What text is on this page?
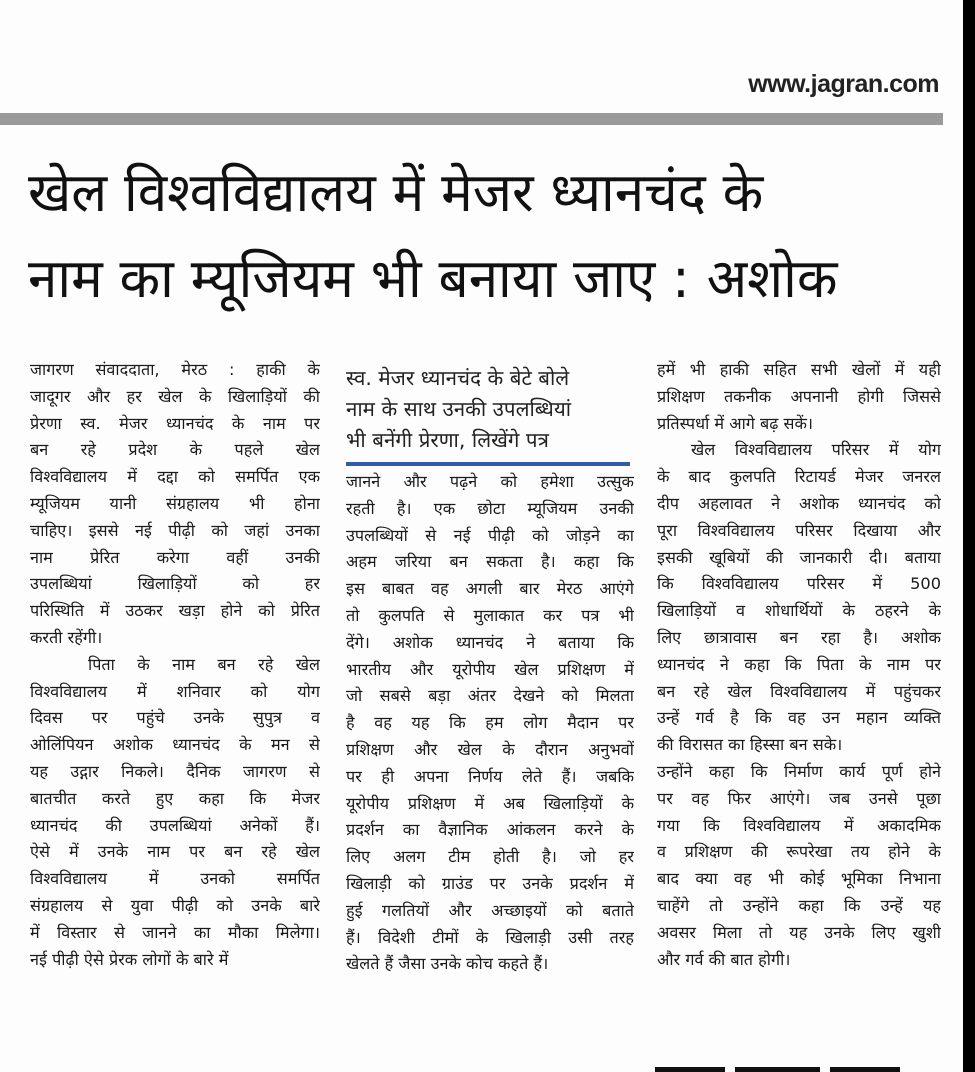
www.jagran.com
खेल विश्वविद्यालय में मेजर ध्यानचंद के
नाम का म्यूजियम भी बनाया जाए : अशोक
जागरण संवाददाता, मेरठ : हाकी के
जादूगर और हर खेल के खिलाड़ियों की
प्रेरणा स्व. मेजर ध्यानचंद के नाम पर
बन रहे प्रदेश के पहले खेल
विश्वविद्यालय में दद्दा को समर्पित एक
म्यूजियम यानी संग्रहालय भी होना
चाहिए। इससे नई पीढ़ी को जहां उनका
नाम प्रेरित करेगा वहीं उनकी
उपलब्धियां खिलाड़ियों को हर
परिस्थिति में उठकर खड़ा होने को प्रेरित
करती रहेंगी।
पिता के नाम बन रहे खेल
विश्वविद्यालय में शनिवार को योग
दिवस पर पहुंचे उनके सुपुत्र व
ओलिंपियन अशोक ध्यानचंद के मन से
यह उद्गार निकले। दैनिक जागरण से
बातचीत करते हुए कहा कि मेजर
ध्यानचंद की उपलब्धियां अनेकों हैं।
ऐसे में उनके नाम पर बन रहे खेल
विश्वविद्यालय में उनको समर्पित
संग्रहालय से युवा पीढ़ी को उनके बारे
में विस्तार से जानने का मौका मिलेगा।
नई पीढ़ी ऐसे प्रेरक लोगों के बारे में
स्व. मेजर ध्यानचंद के बेटे बोले
नाम के साथ उनकी उपलब्धियां
भी बनेंगी प्रेरणा, लिखेंगे पत्र
जानने और पढ़ने को हमेशा उत्सुक
रहती है। एक छोटा म्यूजियम उनकी
उपलब्धियों से नई पीढ़ी को जोड़ने का
अहम जरिया बन सकता है। कहा कि
इस बाबत वह अगली बार मेरठ आएंगे
तो कुलपति से मुलाकात कर पत्र भी
देंगे। अशोक ध्यानचंद ने बताया कि
भारतीय और यूरोपीय खेल प्रशिक्षण में
जो सबसे बड़ा अंतर देखने को मिलता
है वह यह कि हम लोग मैदान पर
प्रशिक्षण और खेल के दौरान अनुभवों
पर ही अपना निर्णय लेते हैं। जबकि
यूरोपीय प्रशिक्षण में अब खिलाड़ियों के
प्रदर्शन का वैज्ञानिक आंकलन करने के
लिए अलग टीम होती है। जो हर
खिलाड़ी को ग्राउंड पर उनके प्रदर्शन में
हुई गलतियों और अच्छाइयों को बताते
हैं। विदेशी टीमों के खिलाड़ी उसी तरह
खेलते हैं जैसा उनके कोच कहते हैं।
हमें भी हाकी सहित सभी खेलों में यही
प्रशिक्षण तकनीक अपनानी होगी जिससे
प्रतिस्पर्धा में आगे बढ़ सकें।
खेल विश्वविद्यालय परिसर में योग
के बाद कुलपति रिटायर्ड मेजर जनरल
दीप अहलावत ने अशोक ध्यानचंद को
पूरा विश्वविद्यालय परिसर दिखाया और
इसकी खूबियों की जानकारी दी। बताया
कि विश्वविद्यालय परिसर में 500
खिलाड़ियों व शोधार्थियों के ठहरने के
लिए छात्रावास बन रहा है। अशोक
ध्यानचंद ने कहा कि पिता के नाम पर
बन रहे खेल विश्वविद्यालय में पहुंचकर
उन्हें गर्व है कि वह उन महान व्यक्ति
की विरासत का हिस्सा बन सके।
उन्होंने कहा कि निर्माण कार्य पूर्ण होने
पर वह फिर आएंगे। जब उनसे पूछा
गया कि विश्वविद्यालय में अकादमिक
व प्रशिक्षण की रूपरेखा तय होने के
बाद क्या वह भी कोई भूमिका निभाना
चाहेंगे तो उन्होंने कहा कि उन्हें यह
अवसर मिला तो यह उनके लिए खुशी
और गर्व की बात होगी।
